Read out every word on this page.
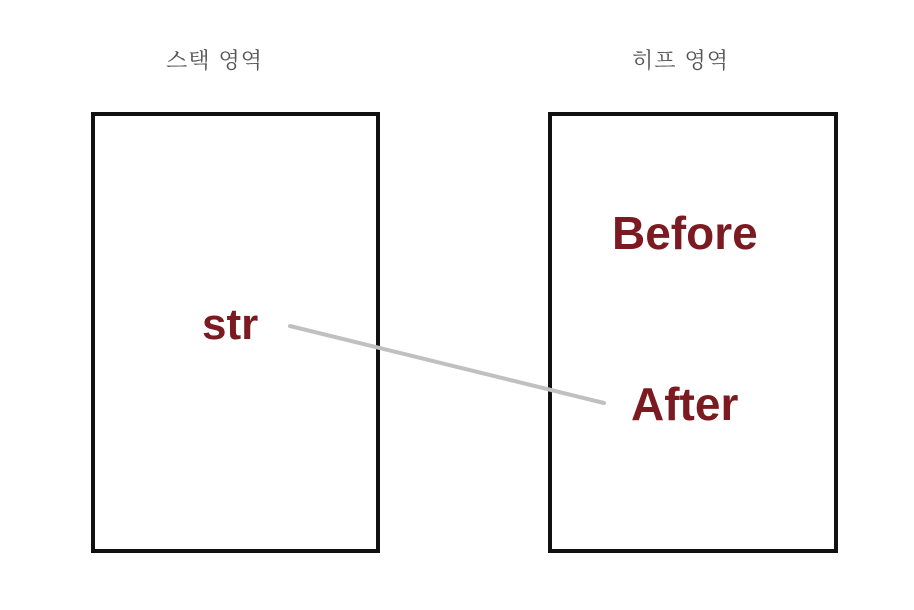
스택 영역	히프 영역
str
Before
After
